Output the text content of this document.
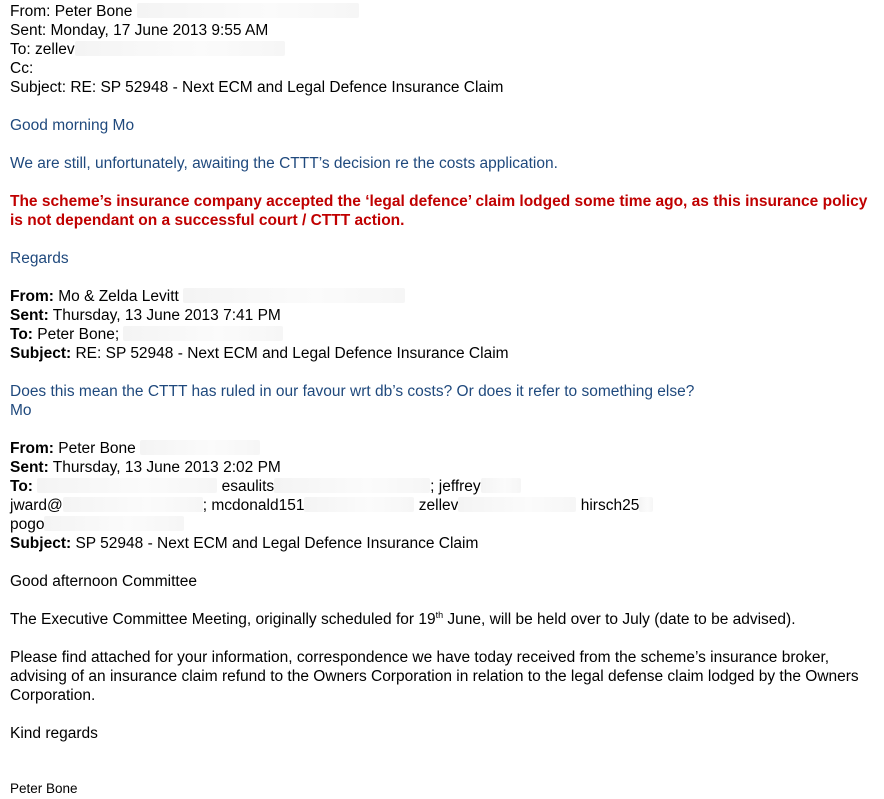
From: Peter Bone
Sent: Monday, 17 June 2013 9:55 AM
To: zellev
Cc:
Subject: RE: SP 52948 - Next ECM and Legal Defence Insurance Claim
Good morning Mo
We are still, unfortunately, awaiting the CTTT’s decision re the costs application.
The scheme’s insurance company accepted the ‘legal defence’ claim lodged some time ago, as this insurance policy is not dependant on a successful court / CTTT action.
Regards
From: Mo & Zelda Levitt
Sent: Thursday, 13 June 2013 7:41 PM
To: Peter Bone;
Subject: RE: SP 52948 - Next ECM and Legal Defence Insurance Claim
Does this mean the CTTT has ruled in our favour wrt db’s costs? Or does it refer to something else?
Mo
From: Peter Bone
Sent: Thursday, 13 June 2013 2:02 PM
To:	esaulits	; jeffrey
jward@	; mcdonald151	zellev	hirsch25
pogo
Subject: SP 52948 - Next ECM and Legal Defence Insurance Claim
Good afternoon Committee
The Executive Committee Meeting, originally scheduled for 19th June, will be held over to July (date to be advised).
Please find attached for your information, correspondence we have today received from the scheme’s insurance broker, advising of an insurance claim refund to the Owners Corporation in relation to the legal defense claim lodged by the Owners Corporation.
Kind regards
Peter Bone
